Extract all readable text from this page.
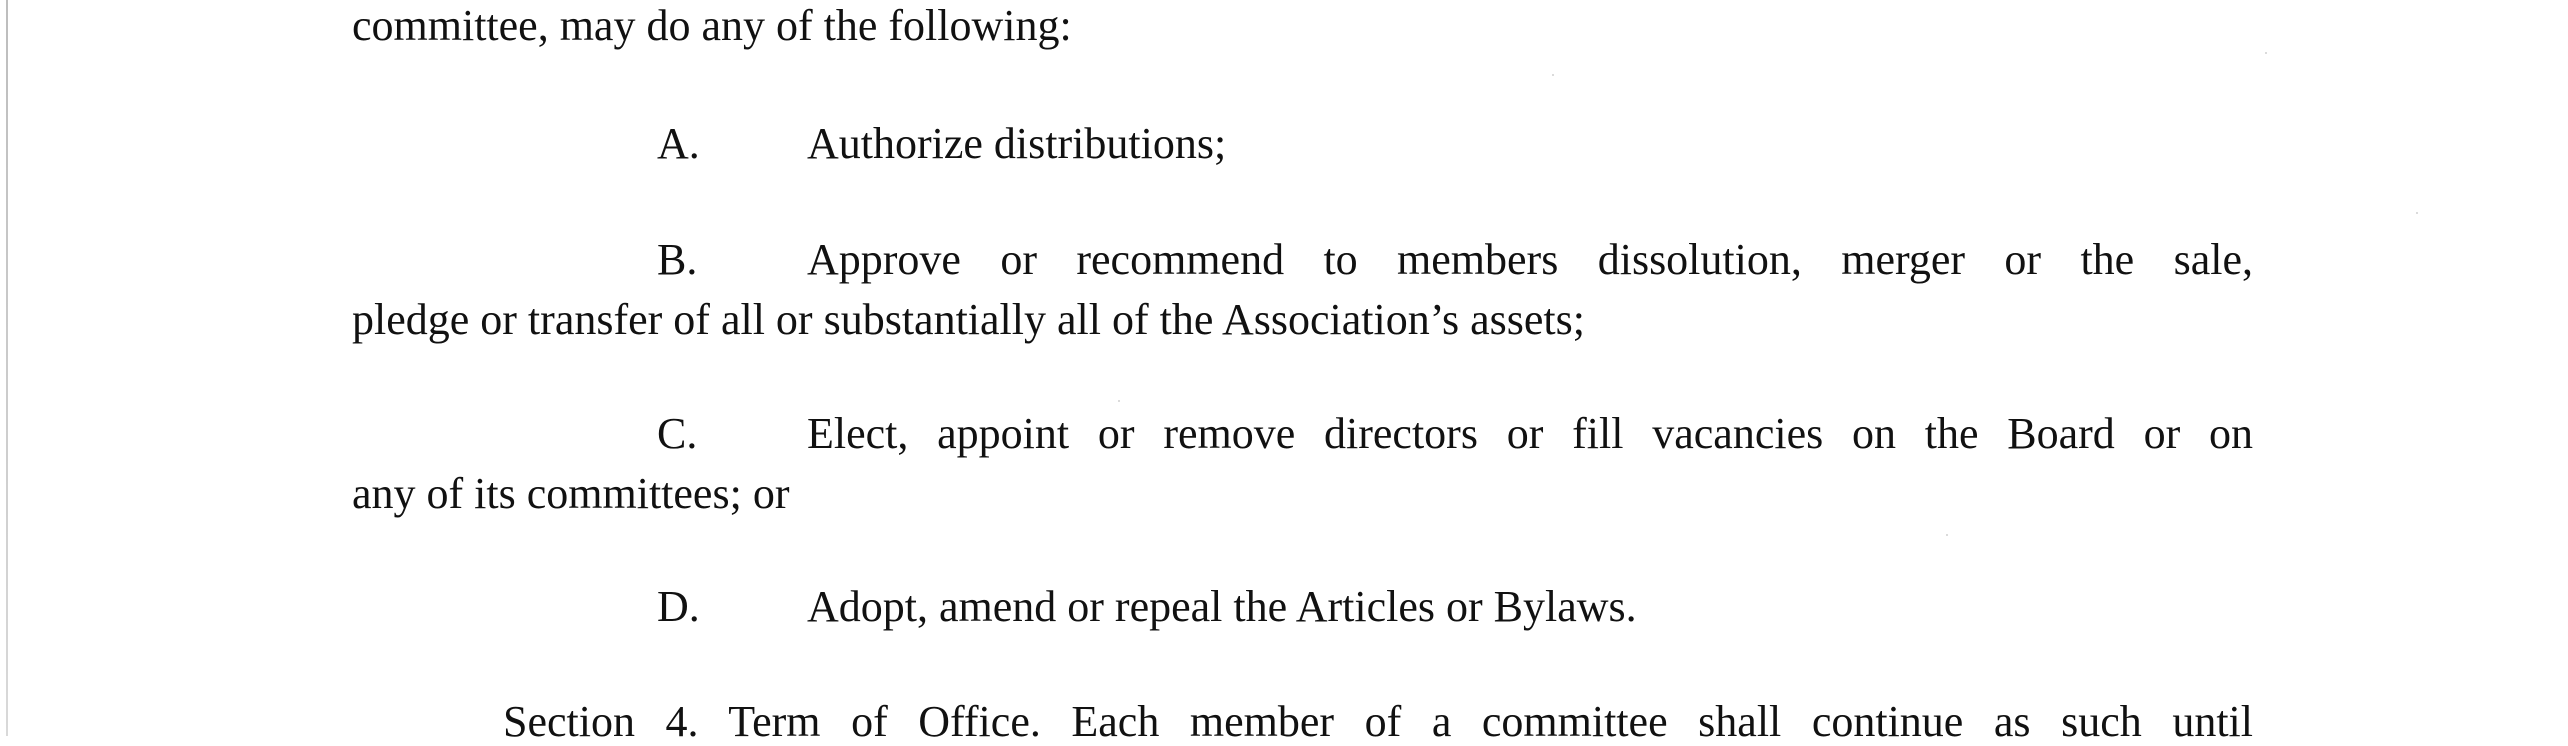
committee, may do any of the following:
A. Authorize distributions;
B. Approve or recommend to members dissolution, merger or the sale,
pledge or transfer of all or substantially all of the Association’s assets;
C. Elect, appoint or remove directors or fill vacancies on the Board or on
any of its committees; or
D. Adopt, amend or repeal the Articles or Bylaws.
Section 4. Term of Office. Each member of a committee shall continue as such until
